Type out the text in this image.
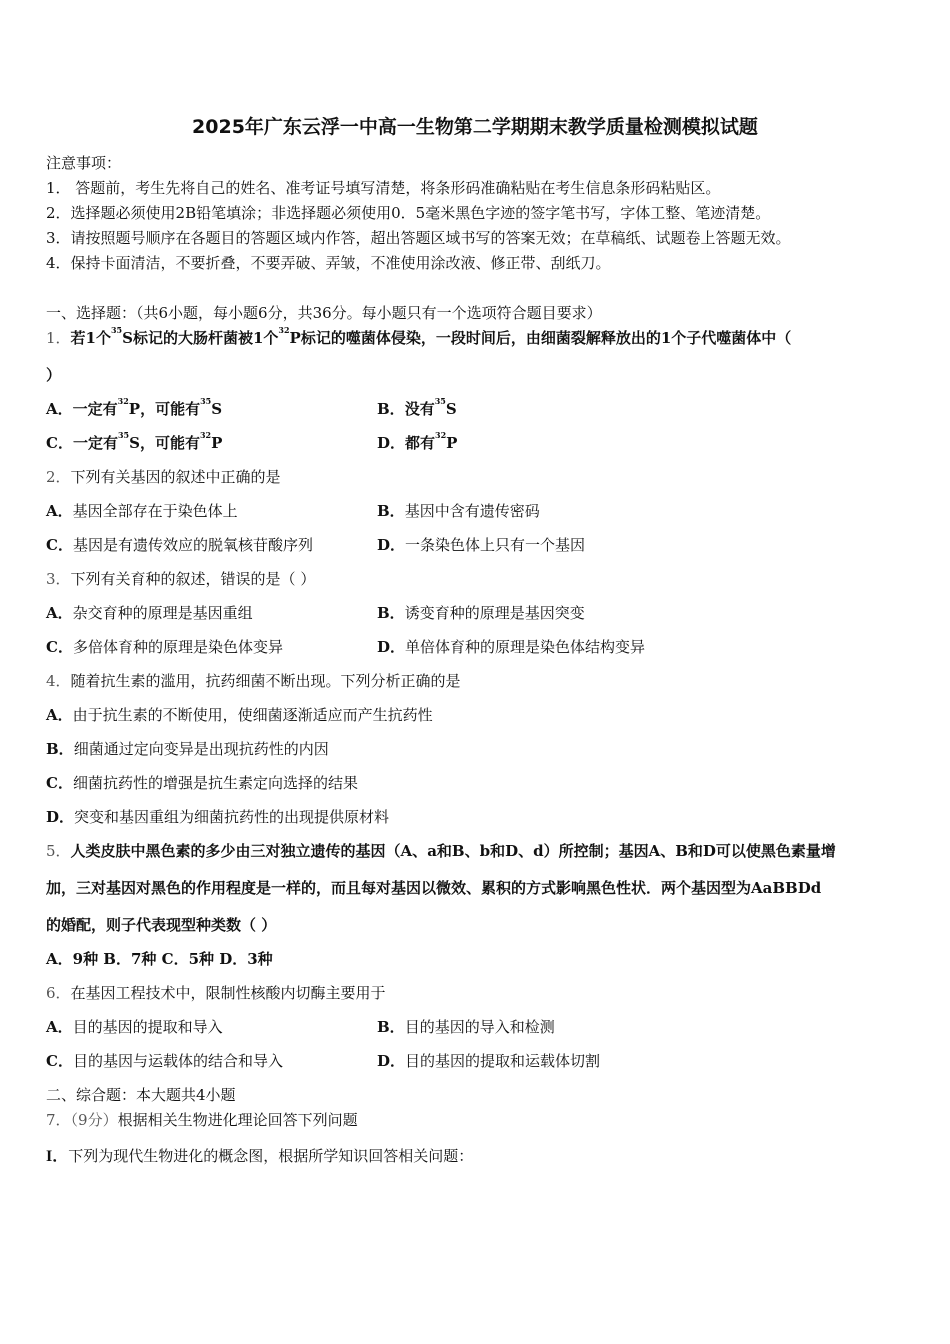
2025年广东云浮一中高一生物第二学期期末教学质量检测模拟试题
注意事项：
1． 答题前，考生先将自己的姓名、准考证号填写清楚，将条形码准确粘贴在考生信息条形码粘贴区。
2．选择题必须使用2B铅笔填涂；非选择题必须使用0．5毫米黑色字迹的签字笔书写，字体工整、笔迹清楚。
3．请按照题号顺序在各题目的答题区域内作答，超出答题区域书写的答案无效；在草稿纸、试题卷上答题无效。
4．保持卡面清洁，不要折叠，不要弄破、弄皱，不准使用涂改液、修正带、刮纸刀。
一、选择题：（共6小题，每小题6分，共36分。每小题只有一个选项符合题目要求）
1．若1个$^{35}$S标记的大肠杆菌被1个$^{32}$P标记的噬菌体侵染，一段时间后，由细菌裂解释放出的1个子代噬菌体中（
）
A．一定有$^{32}$P，可能有$^{35}$S	B．没有$^{35}$S
C．一定有$^{35}$S，可能有$^{32}$P	D．都有$^{32}$P
2．下列有关基因的叙述中正确的是
A．基因全部存在于染色体上	B．基因中含有遗传密码
C．基因是有遗传效应的脱氧核苷酸序列	D．一条染色体上只有一个基因
3．下列有关育种的叙述，错误的是（ ）
A．杂交育种的原理是基因重组	B．诱变育种的原理是基因突变
C．多倍体育种的原理是染色体变异	D．单倍体育种的原理是染色体结构变异
4．随着抗生素的滥用，抗药细菌不断出现。下列分析正确的是
A．由于抗生素的不断使用，使细菌逐渐适应而产生抗药性
B．细菌通过定向变异是出现抗药性的内因
C．细菌抗药性的增强是抗生素定向选择的结果
D．突变和基因重组为细菌抗药性的出现提供原材料
5．人类皮肤中黑色素的多少由三对独立遗传的基因（A、a和B、b和D、d）所控制；基因A、B和D可以使黑色素量增
加，三对基因对黑色的作用程度是一样的，而且每对基因以微效、累积的方式影响黑色性状．两个基因型为AaBBDd
的婚配，则子代表现型种类数（ ）
A．9种 B．7种 C．5种 D．3种
6．在基因工程技术中，限制性核酸内切酶主要用于
A．目的基因的提取和导入	B．目的基因的导入和检测
C．目的基因与运载体的结合和导入	D．目的基因的提取和运载体切割
二、综合题：本大题共4小题
7．（9分）根据相关生物进化理论回答下列问题
I．下列为现代生物进化的概念图，根据所学知识回答相关问题：
